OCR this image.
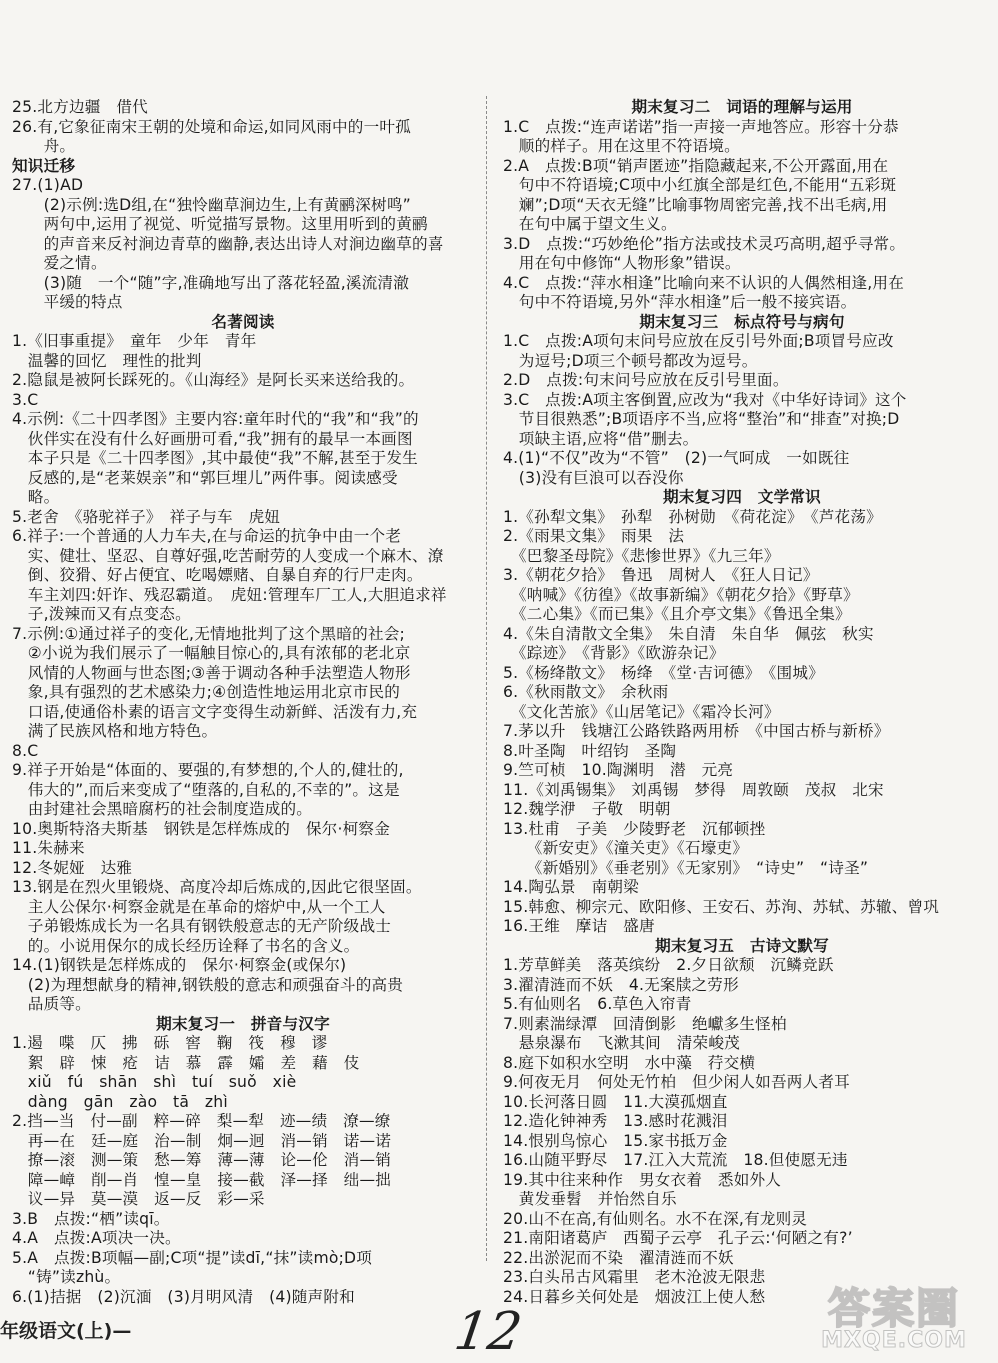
25.北方边疆　借代
26.有,它象征南宋王朝的处境和命运,如同风雨中的一叶孤
　　舟。
知识迁移
27.(1)AD
　　(2)示例:选D组,在“独怜幽草涧边生,上有黄鹂深树鸣”
　　两句中,运用了视觉、听觉描写景物。这里用听到的黄鹂
　　的声音来反衬涧边青草的幽静,表达出诗人对涧边幽草的喜
　　爱之情。
　　(3)随　一个“随”字,准确地写出了落花轻盈,溪流清澈
　　平缓的特点
名著阅读
1.《旧事重提》　童年　少年　青年
　温馨的回忆　理性的批判
2.隐鼠是被阿长踩死的。《山海经》是阿长买来送给我的。
3.C
4.示例:《二十四孝图》主要内容:童年时代的“我”和“我”的
　伙伴实在没有什么好画册可看,“我”拥有的最早一本画图
　本子只是《二十四孝图》,其中最使“我”不解,甚至于发生
　反感的,是“老莱娱亲”和“郭巨埋儿”两件事。阅读感受
　略。
5.老舍　《骆驼祥子》　祥子与车　虎妞
6.祥子:一个普通的人力车夫,在与命运的抗争中由一个老
　实、健壮、坚忍、自尊好强,吃苦耐劳的人变成一个麻木、潦
　倒、狡猾、好占便宜、吃喝嫖赌、自暴自弃的行尸走肉。
　车主刘四:奸诈、残忍霸道。　虎妞:管理车厂工人,大胆追求祥
　子,泼辣而又有点变态。
7.示例:①通过祥子的变化,无情地批判了这个黑暗的社会;
　②小说为我们展示了一幅触目惊心的,具有浓郁的老北京
　风情的人物画与世态图;③善于调动各种手法塑造人物形
　象,具有强烈的艺术感染力;④创造性地运用北京市民的
　口语,使通俗朴素的语言文字变得生动新鲜、活泼有力,充
　满了民族风格和地方特色。
8.C
9.祥子开始是“体面的、要强的,有梦想的,个人的,健壮的,
　伟大的”,而后来变成了“堕落的,自私的,不幸的”。这是
　由封建社会黑暗腐朽的社会制度造成的。
10.奥斯特洛夫斯基　钢铁是怎样炼成的　保尔·柯察金
11.朱赫来
12.冬妮娅　达雅
13.钢是在烈火里锻烧、高度冷却后炼成的,因此它很坚固。
　主人公保尔·柯察金就是在革命的熔炉中,从一个工人
　子弟锻炼成长为一名具有钢铁般意志的无产阶级战士
　的。小说用保尔的成长经历诠释了书名的含义。
14.(1)钢铁是怎样炼成的　保尔·柯察金(或保尔)
　(2)为理想献身的精神,钢铁般的意志和顽强奋斗的高贵
　品质等。
期末复习一　拼音与汉字
1.遏　喋　仄　拂　砾　窖　鞠　筏　穆　谬
　絮　辟　悚　疮　诘　慕　霹　孀　差　藉　伎
　xiǔ　fú　shān　shì　tuí　suǒ　xiè
　dàng　gān　zào　tā　zhì
2.挡—当　付—副　粹—碎　梨—犁　迹—绩　潦—缭
　再—在　廷—庭　治—制　炯—迥　消—销　诺—诺
　撩—滚　测—策　愁—筹　薄—薄　论—伦　消—销
　障—嶂　削—肖　惶—皇　接—截　泽—择　绌—拙
　议—异　莫—漠　返—反　彩—采
3.B　点拨:“栖”读qī。
4.A　点拨:A项决一决。
5.A　点拨:B项幅—副;C项“提”读dī,“抹”读mò;D项
　“铸”读zhù。
6.(1)拮据　(2)沉湎　(3)月明风清　(4)随声附和
期末复习二　词语的理解与运用
1.C　点拨:“连声诺诺”指一声接一声地答应。形容十分恭
　顺的样子。用在这里不符语境。
2.A　点拨:B项“销声匿迹”指隐藏起来,不公开露面,用在
　句中不符语境;C项中小红旗全部是红色,不能用“五彩斑
　斓”;D项“天衣无缝”比喻事物周密完善,找不出毛病,用
　在句中属于望文生义。
3.D　点拨:“巧妙绝伦”指方法或技术灵巧高明,超乎寻常。
　用在句中修饰“人物形象”错误。
4.C　点拨:“萍水相逢”比喻向来不认识的人偶然相逢,用在
　句中不符语境,另外“萍水相逢”后一般不接宾语。
期末复习三　标点符号与病句
1.C　点拨:A项句末问号应放在反引号外面;B项冒号应改
　为逗号;D项三个顿号都改为逗号。
2.D　点拨:句末问号应放在反引号里面。
3.C　点拨:A项主客倒置,应改为“我对《中华好诗词》这个
　节目很熟悉”;B项语序不当,应将“整治”和“排查”对换;D
　项缺主语,应将“借”删去。
4.(1)“不仅”改为“不管”　(2)一气呵成　一如既往
　(3)没有巨浪可以吞没你
期末复习四　文学常识
1.《孙犁文集》　孙犁　孙树勋　《荷花淀》　《芦花荡》
2.《雨果文集》　雨果　法
　《巴黎圣母院》《悲惨世界》《九三年》
3.《朝花夕拾》　鲁迅　周树人　《狂人日记》
　《呐喊》《彷徨》《故事新编》《朝花夕拾》《野草》
　《二心集》《而已集》《且介亭文集》《鲁迅全集》
4.《朱自清散文全集》　朱自清　朱自华　佩弦　秋实
　《踪迹》　《背影》《欧游杂记》
5.《杨绛散文》　杨绛　《堂·吉诃德》　《围城》
6.《秋雨散文》　余秋雨
　《文化苦旅》《山居笔记》《霜冷长河》
7.茅以升　钱塘江公路铁路两用桥　《中国古桥与新桥》
8.叶圣陶　叶绍钧　圣陶
9.竺可桢　10.陶渊明　潜　元亮
11.《刘禹锡集》　刘禹锡　梦得　周敦颐　茂叔　北宋
12.魏学洢　子敬　明朝
13.杜甫　子美　少陵野老　沉郁顿挫
　　《新安吏》《潼关吏》《石壕吏》
　　《新婚别》《垂老别》《无家别》　“诗史”　“诗圣”
14.陶弘景　南朝梁
15.韩愈、柳宗元、欧阳修、王安石、苏洵、苏轼、苏辙、曾巩
16.王维　摩诘　盛唐
期末复习五　古诗文默写
1.芳草鲜美　落英缤纷　2.夕日欲颓　沉鳞竞跃
3.濯清涟而不妖　4.无案牍之劳形
5.有仙则名　6.草色入帘青
7.则素湍绿潭　回清倒影　绝巘多生怪柏
　悬泉瀑布　飞漱其间　清荣峻茂
8.庭下如积水空明　水中藻　荇交横
9.何夜无月　何处无竹柏　但少闲人如吾两人者耳
10.长河落日圆　11.大漠孤烟直
12.造化钟神秀　13.感时花溅泪
14.恨别鸟惊心　15.家书抵万金
16.山随平野尽　17.江入大荒流　18.但使愿无违
19.其中往来种作　男女衣着　悉如外人
　黄发垂髫　并怡然自乐
20.山不在高,有仙则名。水不在深,有龙则灵
21.南阳诸葛庐　西蜀子云亭　孔子云:‘何陋之有?’
22.出淤泥而不染　濯清涟而不妖
23.白头吊古风霜里　老木沧波无限悲
24.日暮乡关何处是　烟波江上使人愁
年级语文(上)—	12	答案圈
MXQE.COM
